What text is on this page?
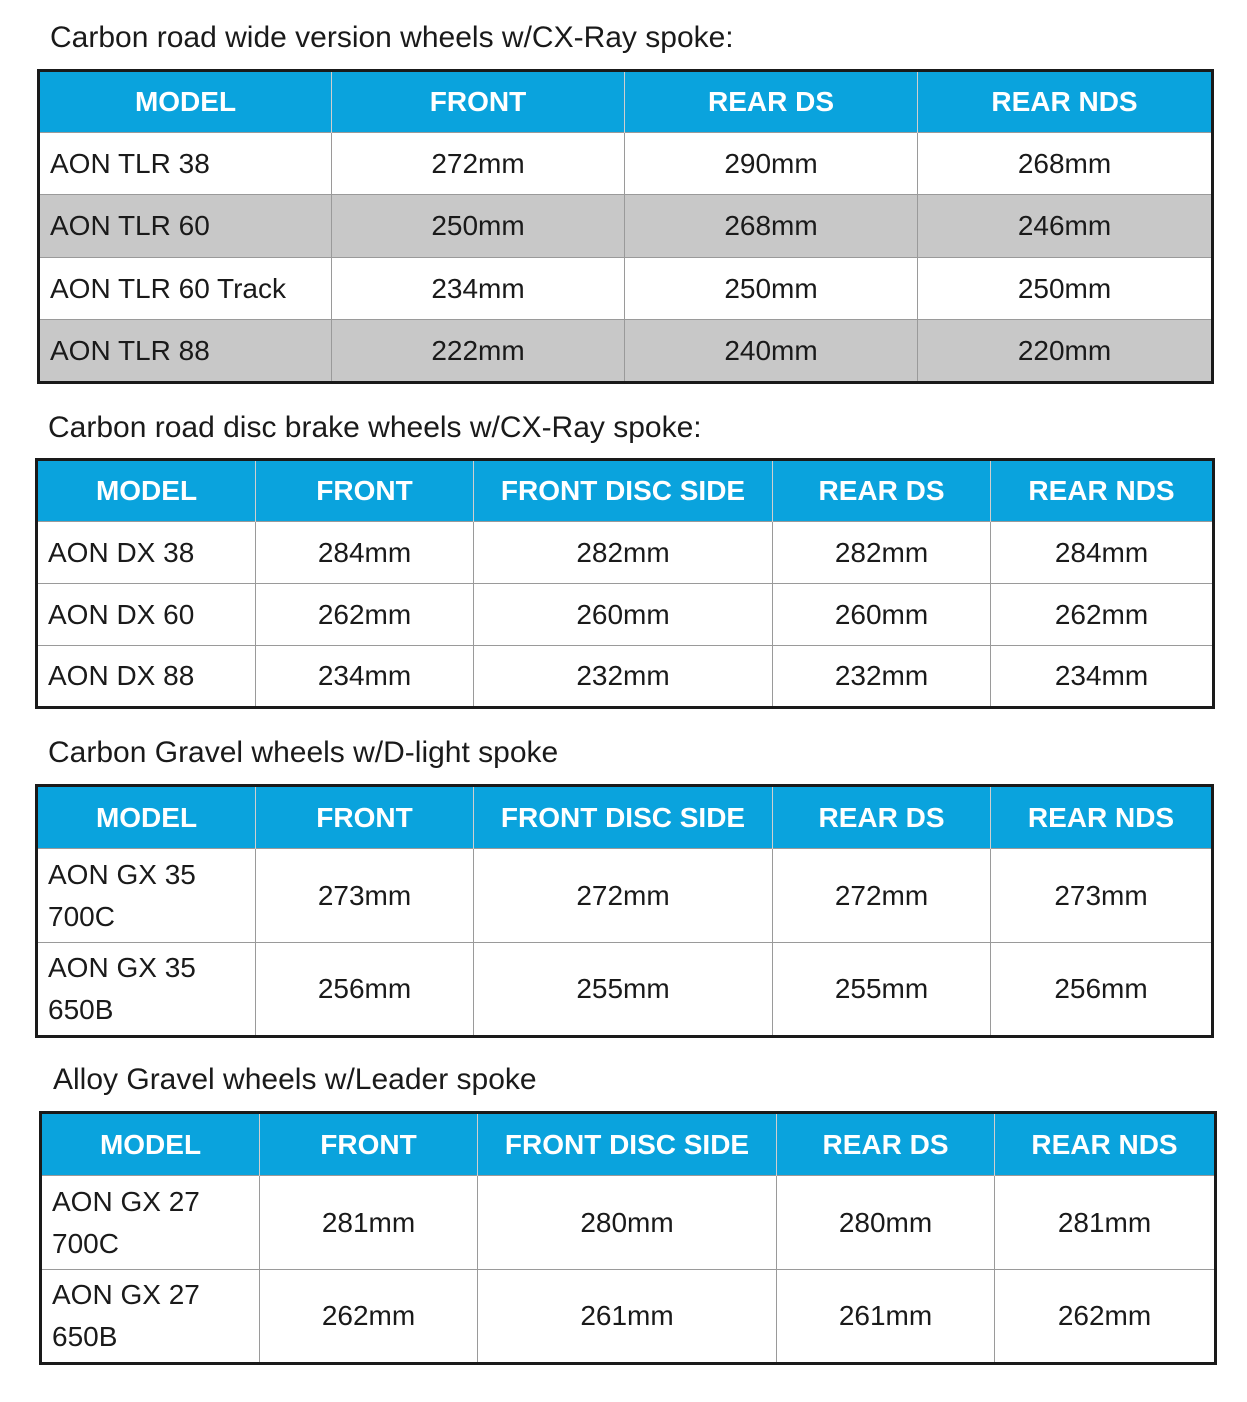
Carbon road wide version wheels w/CX-Ray spoke:
MODEL	FRONT	REAR DS	REAR NDS
AON TLR 38	272mm	290mm	268mm
AON TLR 60	250mm	268mm	246mm
AON TLR 60 Track	234mm	250mm	250mm
AON TLR 88	222mm	240mm	220mm
Carbon road disc brake wheels w/CX-Ray spoke:
MODEL	FRONT	FRONT DISC SIDE	REAR DS	REAR NDS
AON DX 38	284mm	282mm	282mm	284mm
AON DX 60	262mm	260mm	260mm	262mm
AON DX 88	234mm	232mm	232mm	234mm
Carbon Gravel wheels w/D-light spoke
MODEL	FRONT	FRONT DISC SIDE	REAR DS	REAR NDS
AON GX 35
700C	273mm	272mm	272mm	273mm
AON GX 35
650B	256mm	255mm	255mm	256mm
Alloy Gravel wheels w/Leader spoke
MODEL	FRONT	FRONT DISC SIDE	REAR DS	REAR NDS
AON GX 27
700C	281mm	280mm	280mm	281mm
AON GX 27
650B	262mm	261mm	261mm	262mm
